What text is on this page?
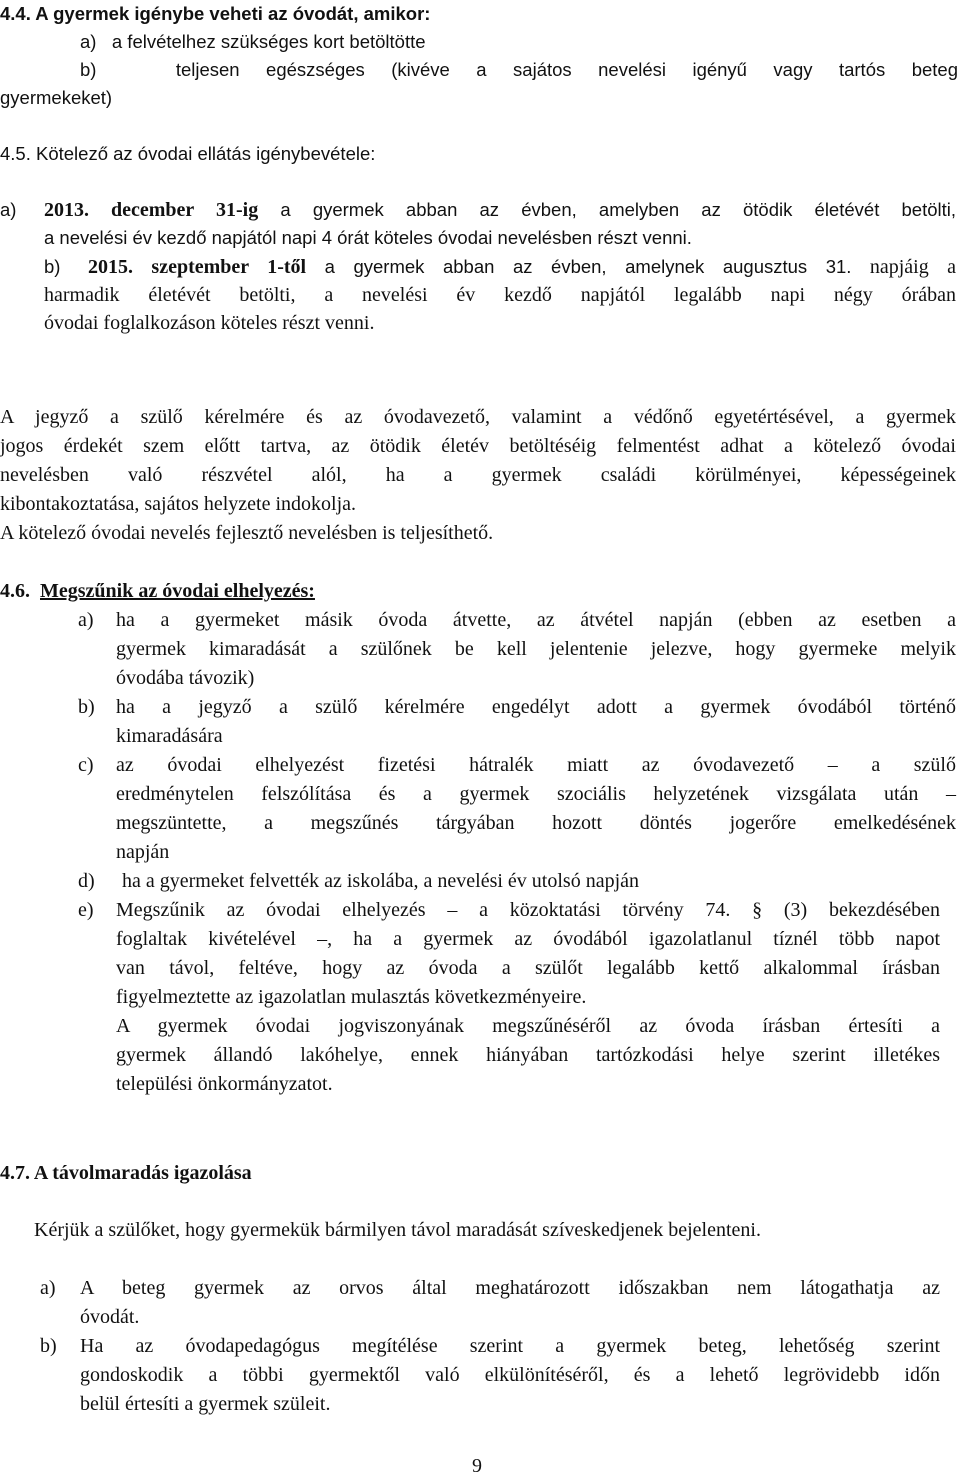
4.4. A gyermek igénybe veheti az óvodát, amikor:
a)   a felvételhez szükséges kort betöltötte
b)   teljesen egészséges (kivéve a sajátos nevelési igényű vagy tartós beteg
gyermekeket)
4.5. Kötelező az óvodai ellátás igénybevétele:
a) 2013. december 31-ig a gyermek abban az évben, amelyben az ötödik életévét betölti,
a nevelési év kezdő napjától napi 4 órát köteles óvodai nevelésben részt venni.
b) 2015. szeptember 1-től a gyermek abban az évben, amelynek augusztus 31. napjáig a
harmadik életévét betölti, a nevelési év kezdő napjától legalább napi négy órában
óvodai foglalkozáson köteles részt venni.
A jegyző a szülő kérelmére és az óvodavezető, valamint a védőnő egyetértésével, a gyermek
jogos érdekét szem előtt tartva, az ötödik életév betöltéséig felmentést adhat a kötelező óvodai
nevelésben való részvétel alól, ha a gyermek családi körülményei, képességeinek
kibontakoztatása, sajátos helyzete indokolja.
A kötelező óvodai nevelés fejlesztő nevelésben is teljesíthető.
4.6. Megszűnik az óvodai elhelyezés:
a) ha a gyermeket másik óvoda átvette, az átvétel napján (ebben az esetben a
gyermek kimaradását a szülőnek be kell jelentenie jelezve, hogy gyermeke melyik
óvodába távozik)
b) ha a jegyző a szülő kérelmére engedélyt adott a gyermek óvodából történő
kimaradására
c) az óvodai elhelyezést fizetési hátralék miatt az óvodavezető – a szülő
eredménytelen felszólítása és a gyermek szociális helyzetének vizsgálata után –
megszüntette, a megszűnés tárgyában hozott döntés jogerőre emelkedésének
napján
d) ha a gyermeket felvették az iskolába, a nevelési év utolsó napján
e) Megszűnik az óvodai elhelyezés – a közoktatási törvény 74. § (3) bekezdésében
foglaltak kivételével –, ha a gyermek az óvodából igazolatlanul tíznél több napot
van távol, feltéve, hogy az óvoda a szülőt legalább kettő alkalommal írásban
figyelmeztette az igazolatlan mulasztás következményeire.
A gyermek óvodai jogviszonyának megszűnéséről az óvoda írásban értesíti a
gyermek állandó lakóhelye, ennek hiányában tartózkodási helye szerint illetékes
települési önkormányzatot.
4.7. A távolmaradás igazolása
Kérjük a szülőket, hogy gyermekük bármilyen távol maradását szíveskedjenek bejelenteni.
a) A beteg gyermek az orvos által meghatározott időszakban nem látogathatja az
óvodát.
b) Ha az óvodapedagógus megítélése szerint a gyermek beteg, lehetőség szerint
gondoskodik a többi gyermektől való elkülönítéséről, és a lehető legrövidebb időn
belül értesíti a gyermek szüleit.
9
